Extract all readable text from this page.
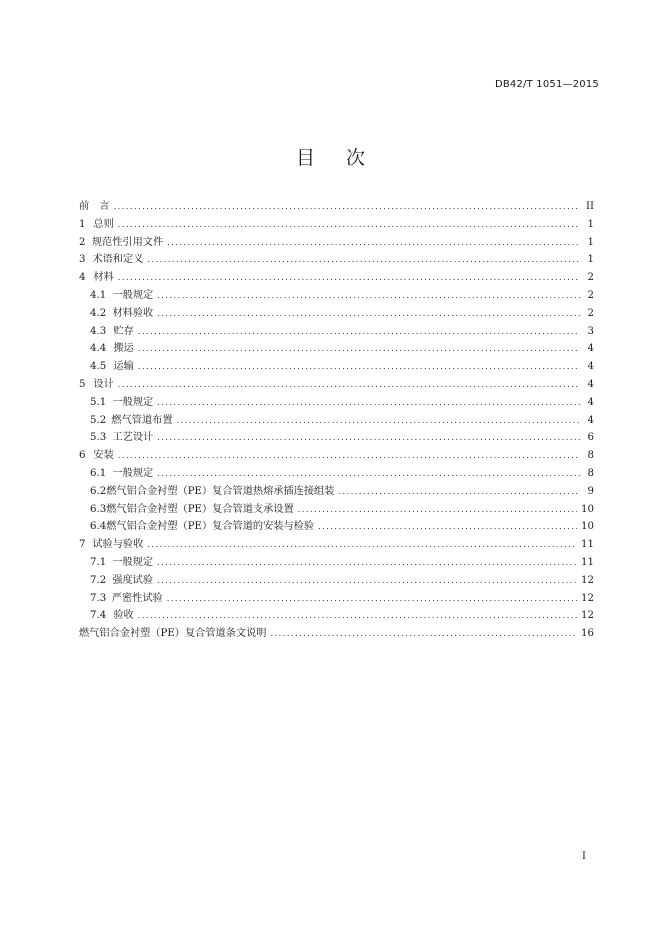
DB42/T 1051—2015
目 次
前　言 . . .	II
1 总则 . . .	1
2 规范性引用文件 . . .	1
3 术语和定义 . . .	1
4 材料 . . .	2
4.1 一般规定 . . .	2
4.2 材料验收 . . .	2
4.3 贮存 . . .	3
4.4 搬运 . . .	4
4.5 运输 . . .	4
5 设计 . . .	4
5.1 一般规定 . . .	4
5.2 燃气管道布置 . . .	4
5.3 工艺设计 . . .	6
6 安装 . . .	8
6.1 一般规定 . . .	8
6.2 燃气铝合金衬塑（PE）复合管道热熔承插连接组装 . . .	9
6.3 燃气铝合金衬塑（PE）复合管道支承设置 . . .	10
6.4 燃气铝合金衬塑（PE）复合管道的安装与检验 . . .	10
7 试验与验收 . . .	11
7.1 一般规定 . . .	11
7.2 强度试验 . . .	12
7.3 严密性试验 . . .	12
7.4 验收 . . .	12
燃气铝合金衬塑（PE）复合管道条文说明 . . .	16
I
